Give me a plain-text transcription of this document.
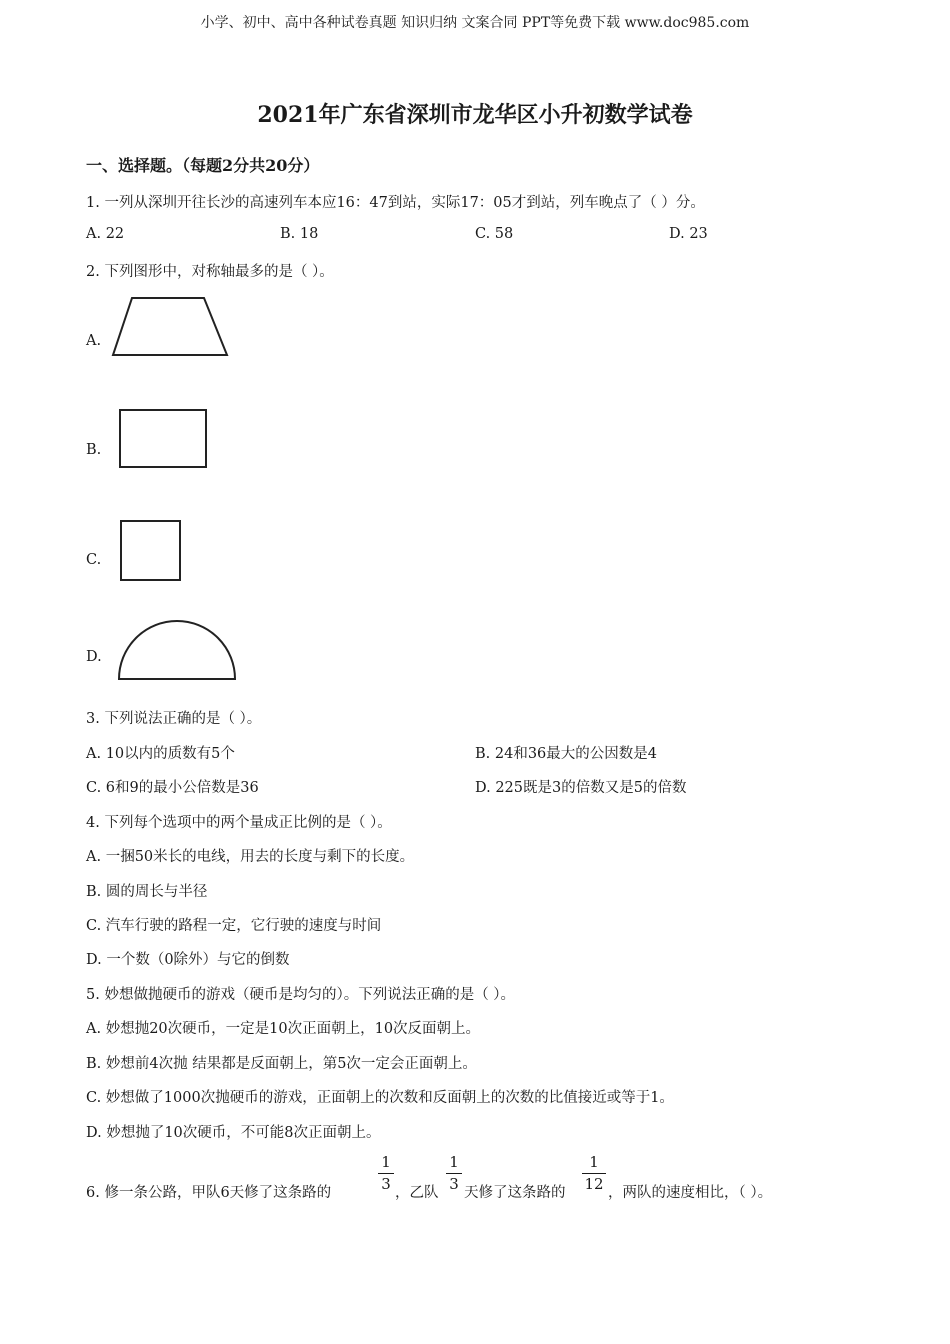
小学、初中、高中各种试卷真题 知识归纳 文案合同 PPT等免费下载 www.doc985.com
2021年广东省深圳市龙华区小升初数学试卷
一、选择题。（每题2分共20分）
1. 一列从深圳开往长沙的高速列车本应16：47到站，实际17：05才到站，列车晚点了（ ）分。
A. 22	B. 18	C. 58	D. 23
2. 下列图形中，对称轴最多的是（ ）。
A.
B.
C.
D.
3. 下列说法正确的是（ ）。
A. 10以内的质数有5个	B. 24和36最大的公因数是4
C. 6和9的最小公倍数是36	D. 225既是3的倍数又是5的倍数
4. 下列每个选项中的两个量成正比例的是（ ）。
A. 一捆50米长的电线，用去的长度与剩下的长度。
B. 圆的周长与半径
C. 汽车行驶的路程一定，它行驶的速度与时间
D. 一个数（0除外）与它的倒数
5. 妙想做抛硬币的游戏（硬币是均匀的）。下列说法正确的是（ ）。
A. 妙想抛20次硬币，一定是10次正面朝上，10次反面朝上。
B. 妙想前4次抛 结果都是反面朝上，第5次一定会正面朝上。
C. 妙想做了1000次抛硬币的游戏，正面朝上的次数和反面朝上的次数的比值接近或等于1。
D. 妙想抛了10次硬币，不可能8次正面朝上。
6. 修一条公路，甲队6天修了这条路的
1
3 ，乙队
1
3 天修了这条路的
1
12 ，两队的速度相比，（ ）。
